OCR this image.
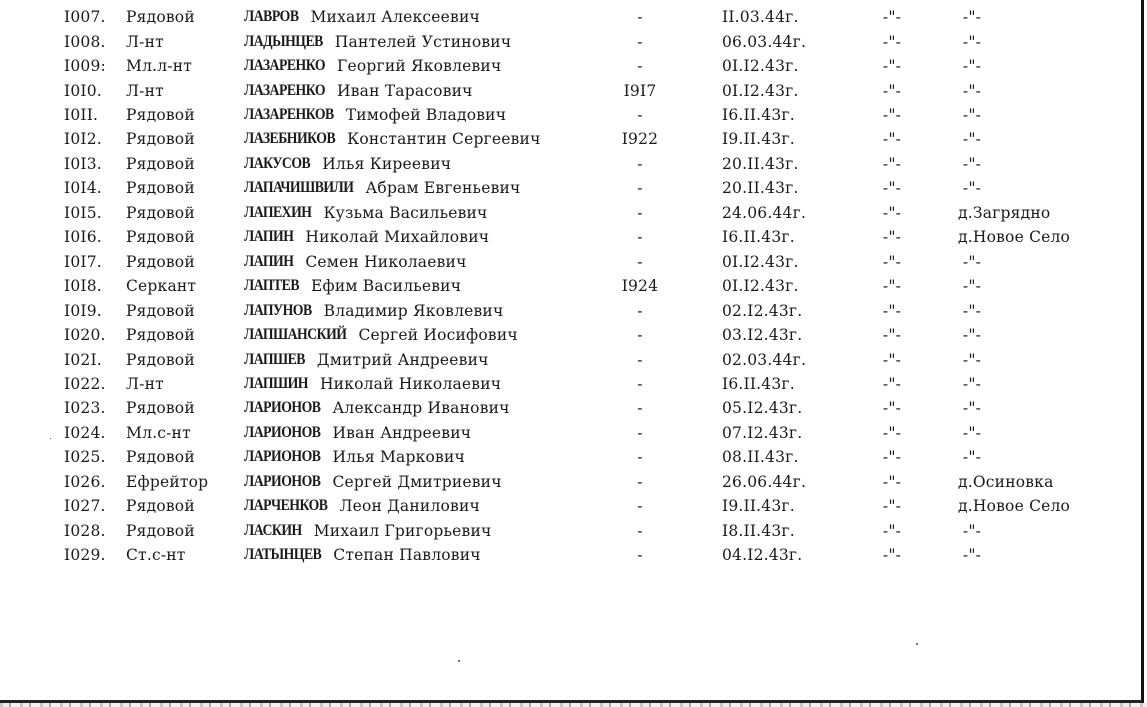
I007. Рядовой	ЛАВРОВ Михаил Алексеевич	-	II.03.44г.	-"-	-"-
I008. Л-нт	ЛАДЫНЦЕВ Пантелей Устинович	-	06.03.44г.	-"-	-"-
I009: Мл.л-нт	ЛАЗАРЕНКО Георгий Яковлевич	-	0I.I2.43г.	-"-	-"-
I0I0. Л-нт	ЛАЗАРЕНКО Иван Тарасович	I9I7	0I.I2.43г.	-"-	-"-
I0II. Рядовой	ЛАЗАРЕНКОВ Тимофей Владович	-	I6.II.43г.	-"-	-"-
I0I2. Рядовой	ЛАЗЕБНИКОВ Константин Сергеевич	I922	I9.II.43г.	-"-	-"-
I0I3. Рядовой	ЛАКУСОВ Илья Киреевич	-	20.II.43г.	-"-	-"-
I0I4. Рядовой	ЛАПАЧИШВИЛИ Абрам Евгеньевич	-	20.II.43г.	-"-	-"-
I0I5. Рядовой	ЛАПЕХИН Кузьма Васильевич	-	24.06.44г.	-"-	д.Загрядно
I0I6. Рядовой	ЛАПИН Николай Михайлович	-	I6.II.43г.	-"-	д.Новое Село
I0I7. Рядовой	ЛАПИН Семен Николаевич	-	0I.I2.43г.	-"-	-"-
I0I8. Серкант	ЛАПТЕВ Ефим Васильевич	I924	0I.I2.43г.	-"-	-"-
I0I9. Рядовой	ЛАПУНОВ Владимир Яковлевич	-	02.I2.43г.	-"-	-"-
I020. Рядовой	ЛАПШАНСКИЙ Сергей Иосифович	-	03.I2.43г.	-"-	-"-
I02I. Рядовой	ЛАПШЕВ Дмитрий Андреевич	-	02.03.44г.	-"-	-"-
I022. Л-нт	ЛАПШИН Николай Николаевич	-	I6.II.43г.	-"-	-"-
I023. Рядовой	ЛАРИОНОВ Александр Иванович	-	05.I2.43г.	-"-	-"-
I024. Мл.с-нт	ЛАРИОНОВ Иван Андреевич	-	07.I2.43г.	-"-	-"-
I025. Рядовой	ЛАРИОНОВ Илья Маркович	-	08.II.43г.	-"-	-"-
I026. Ефрейтор ЛАРИОНОВ Сергей Дмитриевич	-	26.06.44г.	-"-	д.Осиновка
I027. Рядовой	ЛАРЧЕНКОВ Леон Данилович	-	I9.II.43г.	-"-	д.Новое Село
I028. Рядовой	ЛАСКИН Михаил Григорьевич	-	I8.II.43г.	-"-	-"-
I029. Ст.с-нт	ЛАТЫНЦЕВ Степан Павлович	-	04.I2.43г.	-"-	-"-
